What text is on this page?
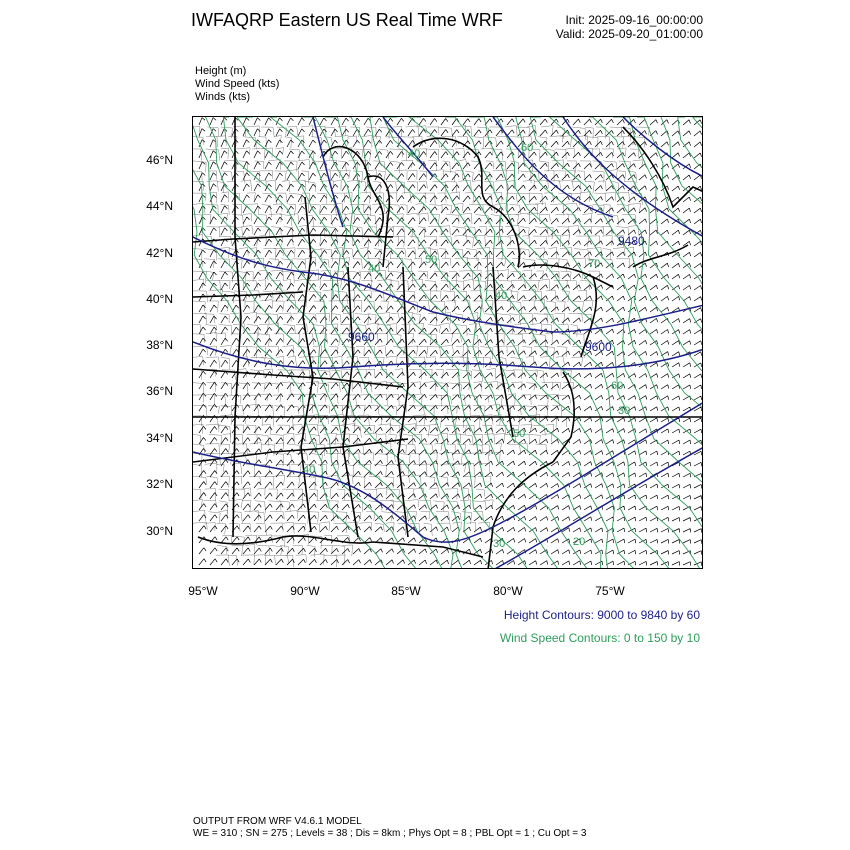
IWFAQRP Eastern US Real Time WRF	Init: 2025-09-16_00:00:00
Valid: 2025-09-20_01:00:00
Height (m)
Wind Speed (kts)
Winds (kts)
9660
9480
9600
40	60
50	70
40
40
60
30
50
40
20
30
46°N
44°N
42°N
40°N
38°N
36°N
34°N
32°N
30°N
95°W	90°W	85°W	80°W	75°W
Height Contours: 9000 to 9840 by 60
Wind Speed Contours: 0 to 150 by 10
OUTPUT FROM WRF V4.6.1 MODEL
WE = 310 ; SN = 275 ; Levels = 38 ; Dis = 8km ; Phys Opt = 8 ; PBL Opt = 1 ; Cu Opt = 3
